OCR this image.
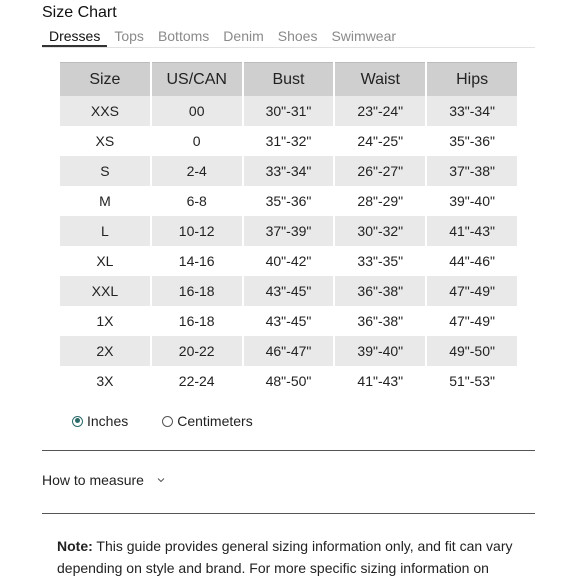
Size Chart
Dresses	Tops	Bottoms	Denim	Shoes	Swimwear
Size	US/CAN	Bust	Waist	Hips
XXS	00	30"-31"	23"-24"	33"-34"
XS	0	31"-32"	24"-25"	35"-36"
S	2-4	33"-34"	26"-27"	37"-38"
M	6-8	35"-36"	28"-29"	39"-40"
L	10-12	37"-39"	30"-32"	41"-43"
XL	14-16	40"-42"	33"-35"	44"-46"
XXL	16-18	43"-45"	36"-38"	47"-49"
1X	16-18	43"-45"	36"-38"	47"-49"
2X	20-22	46"-47"	39"-40"	49"-50"
3X	22-24	48"-50"	41"-43"	51"-53"
Inches	Centimeters
How to measure
Note: This guide provides general sizing information only, and fit can vary depending on style and brand. For more specific sizing information on
